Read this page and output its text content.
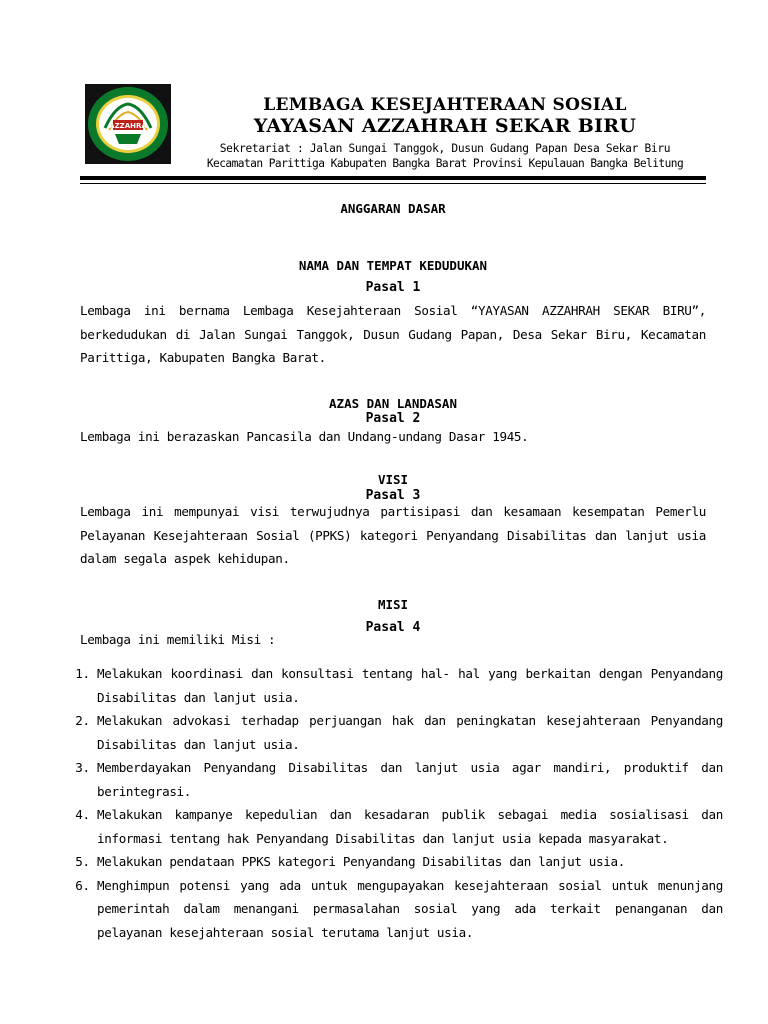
AZZAHRA
LEMBAGA KESEJAHTERAAN SOSIAL
YAYASAN AZZAHRAH SEKAR BIRU
Sekretariat : Jalan Sungai Tanggok, Dusun Gudang Papan Desa Sekar Biru
Kecamatan Parittiga Kabupaten Bangka Barat Provinsi Kepulauan Bangka Belitung
ANGGARAN DASAR
NAMA DAN TEMPAT KEDUDUKAN
Pasal 1
Lembaga ini bernama Lembaga Kesejahteraan Sosial “YAYASAN AZZAHRAH SEKAR BIRU”, berkedudukan di Jalan Sungai Tanggok, Dusun Gudang Papan, Desa Sekar Biru, Kecamatan Parittiga, Kabupaten Bangka Barat.
AZAS DAN LANDASAN
Pasal 2
Lembaga ini berazaskan Pancasila dan Undang-undang Dasar 1945.
VISI
Pasal 3
Lembaga ini mempunyai visi terwujudnya partisipasi dan kesamaan kesempatan Pemerlu Pelayanan Kesejahteraan Sosial (PPKS) kategori Penyandang Disabilitas dan lanjut usia dalam segala aspek kehidupan.
MISI
Pasal 4
Lembaga ini memiliki Misi :
1. Melakukan koordinasi dan konsultasi tentang hal- hal yang berkaitan dengan Penyandang Disabilitas dan lanjut usia.
2. Melakukan advokasi terhadap perjuangan hak dan peningkatan kesejahteraan Penyandang Disabilitas dan lanjut usia.
3. Memberdayakan Penyandang Disabilitas dan lanjut usia agar mandiri, produktif dan berintegrasi.
4. Melakukan kampanye kepedulian dan kesadaran publik sebagai media sosialisasi dan informasi tentang hak Penyandang Disabilitas dan lanjut usia kepada masyarakat.
5. Melakukan pendataan PPKS kategori Penyandang Disabilitas dan lanjut usia.
6. Menghimpun potensi yang ada untuk mengupayakan kesejahteraan sosial untuk menunjang pemerintah dalam menangani permasalahan sosial yang ada terkait penanganan dan pelayanan kesejahteraan sosial terutama lanjut usia.
